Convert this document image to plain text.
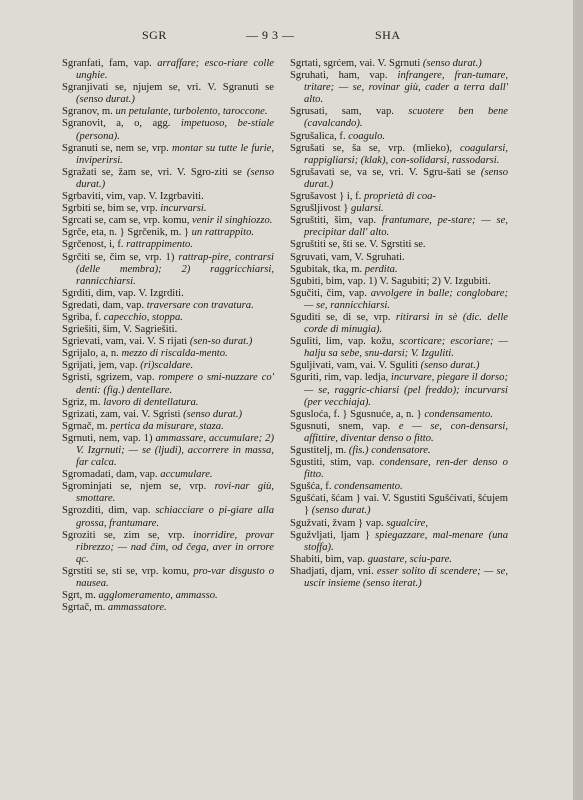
SGR	— 9 3 —	SHA

Sgranfati, fam, vap. arraffare; esco-riare colle unghie.

Sgranjivati se, njujem se, vri. V. Sgranuti se (senso durat.)

Sgranov, m. un petulante, turbolento, taroccone.

Sgranovit, a, o, agg. impetuoso, be-stiale (persona).

Sgranuti se, nem se, vrp. montar su tutte le furie, inviperirsi.

Sgražati se, žam se, vri. V. Sgro-ziti se (senso durat.)

Sgrbaviti, vim, vap. V. Izgrbaviti.

Sgrbiti se, bim se, vrp. incurvarsi.

Sgrcati se, cam se, vrp. komu, venir il singhiozzo.

Sgrče, eta, n. } Sgrčenik, m. } un rattrappito.

Sgrčenost, i, f. rattrappimento.

Sgrčiti se, čim se, vrp. 1) rattrap-pire, contrarsi (delle membra); 2) raggricchiarsi, rannicchiarsi.

Sgrditi, dim, vap. V. Izgrditi.

Sgredati, dam, vap. traversare con travatura.

Sgriba, f. capecchio, stoppa.

Sgriešiti, šim, V. Sagriešiti.

Sgrievati, vam, vai. V. S rijati (sen-so durat.)

Sgrijalo, a, n. mezzo di riscalda-mento.

Sgrijati, jem, vap. (ri)scaldare.

Sgristi, sgrizem, vap. rompere o smi-nuzzare co' denti: (fig.) dentellare.

Sgriz, m. lavoro di dentellatura.

Sgrizati, zam, vai. V. Sgristi (senso durat.)

Sgrnač, m. pertica da misurare, staza.

Sgrnuti, nem, vap. 1) ammassare, accumulare; 2) V. Izgrnuti; — se (ljudi), accorrere in massa, far calca.

Sgromadati, dam, vap. accumulare.

Sgrominjati se, njem se, vrp. rovi-nar giù, smottare.

Sgrozditi, dim, vap. schiacciare o pi-giare alla grossa, frantumare.

Sgroziti se, zim se, vrp. inorridire, provar ribrezzo; — nad čim, od čega, aver in orrore qc.

Sgrstiti se, sti se, vrp. komu, pro-var disgusto o nausea.

Sgrt, m. agglomeramento, ammasso.

Sgrtač, m. ammassatore.

Sgrtati, sgrćem, vai. V. Sgrnuti (senso durat.)

Sgruhati, ham, vap. infrangere, fran-tumare, tritare; — se, rovinar giù, cader a terra dall' alto.

Sgrusati, sam, vap. scuotere ben bene (cavalcando).

Sgrušalica, f. coagulo.

Sgrušati se, ša se, vrp. (mlieko), coagularsi, rappigliarsi; (klak), con-solidarsi, rassodarsi.

Sgrušavati se, va se, vri. V. Sgru-šati se (senso durat.)

Sgrušavost } i, f. proprietà di coa-

Sgrušljivost } gularsi.

Sgruštiti, šim, vap. frantumare, pe-stare; — se, precipitar dall' alto.

Sgruštiti se, šti se. V. Sgrstiti se.

Sgruvati, vam, V. Sgruhati.

Sgubitak, tka, m. perdita.

Sgubiti, bim, vap. 1) V. Sagubiti; 2) V. Izgubiti.

Sgučiti, čim, vap. avvolgere in balle; conglobare; — se, rannicchiarsi.

Sguditi se, di se, vrp. ritirarsi in sè (dic. delle corde di minugia).

Sguliti, lim, vap. kožu, scorticare; escoriare; — halju sa sebe, snu-darsi; V. Izguliti.

Sguljivati, vam, vai. V. Sguliti (senso durat.)

Sguriti, rim, vap. ledja, incurvare, piegare il dorso; — se, raggric-chiarsi (pel freddo); incurvarsi (per vecchiaja).

Sgusloća, f. } Sgusnuće, a, n. } condensamento.

Sgusnuti, snem, vap. e — se, con-densarsi, affittire, diventar denso o fitto.

Sgustitelj, m. (fis.) condensatore.

Sgustiti, stim, vap. condensare, ren-der denso o fitto.

Sgušća, f. condensamento.

Sgušćati, šćam } vai. V. Sgustiti Sgušćivati, šćujem } (senso durat.)

Sgužvati, žvam } vap. sgualcire,

Sgužvljati, ljam } spiegazzare, mal-menare (una stoffa).

Shabiti, bim, vap. guastare, sciu-pare.

Shadjati, djam, vni. esser solito di scendere; — se, uscir insieme (senso iterat.)
